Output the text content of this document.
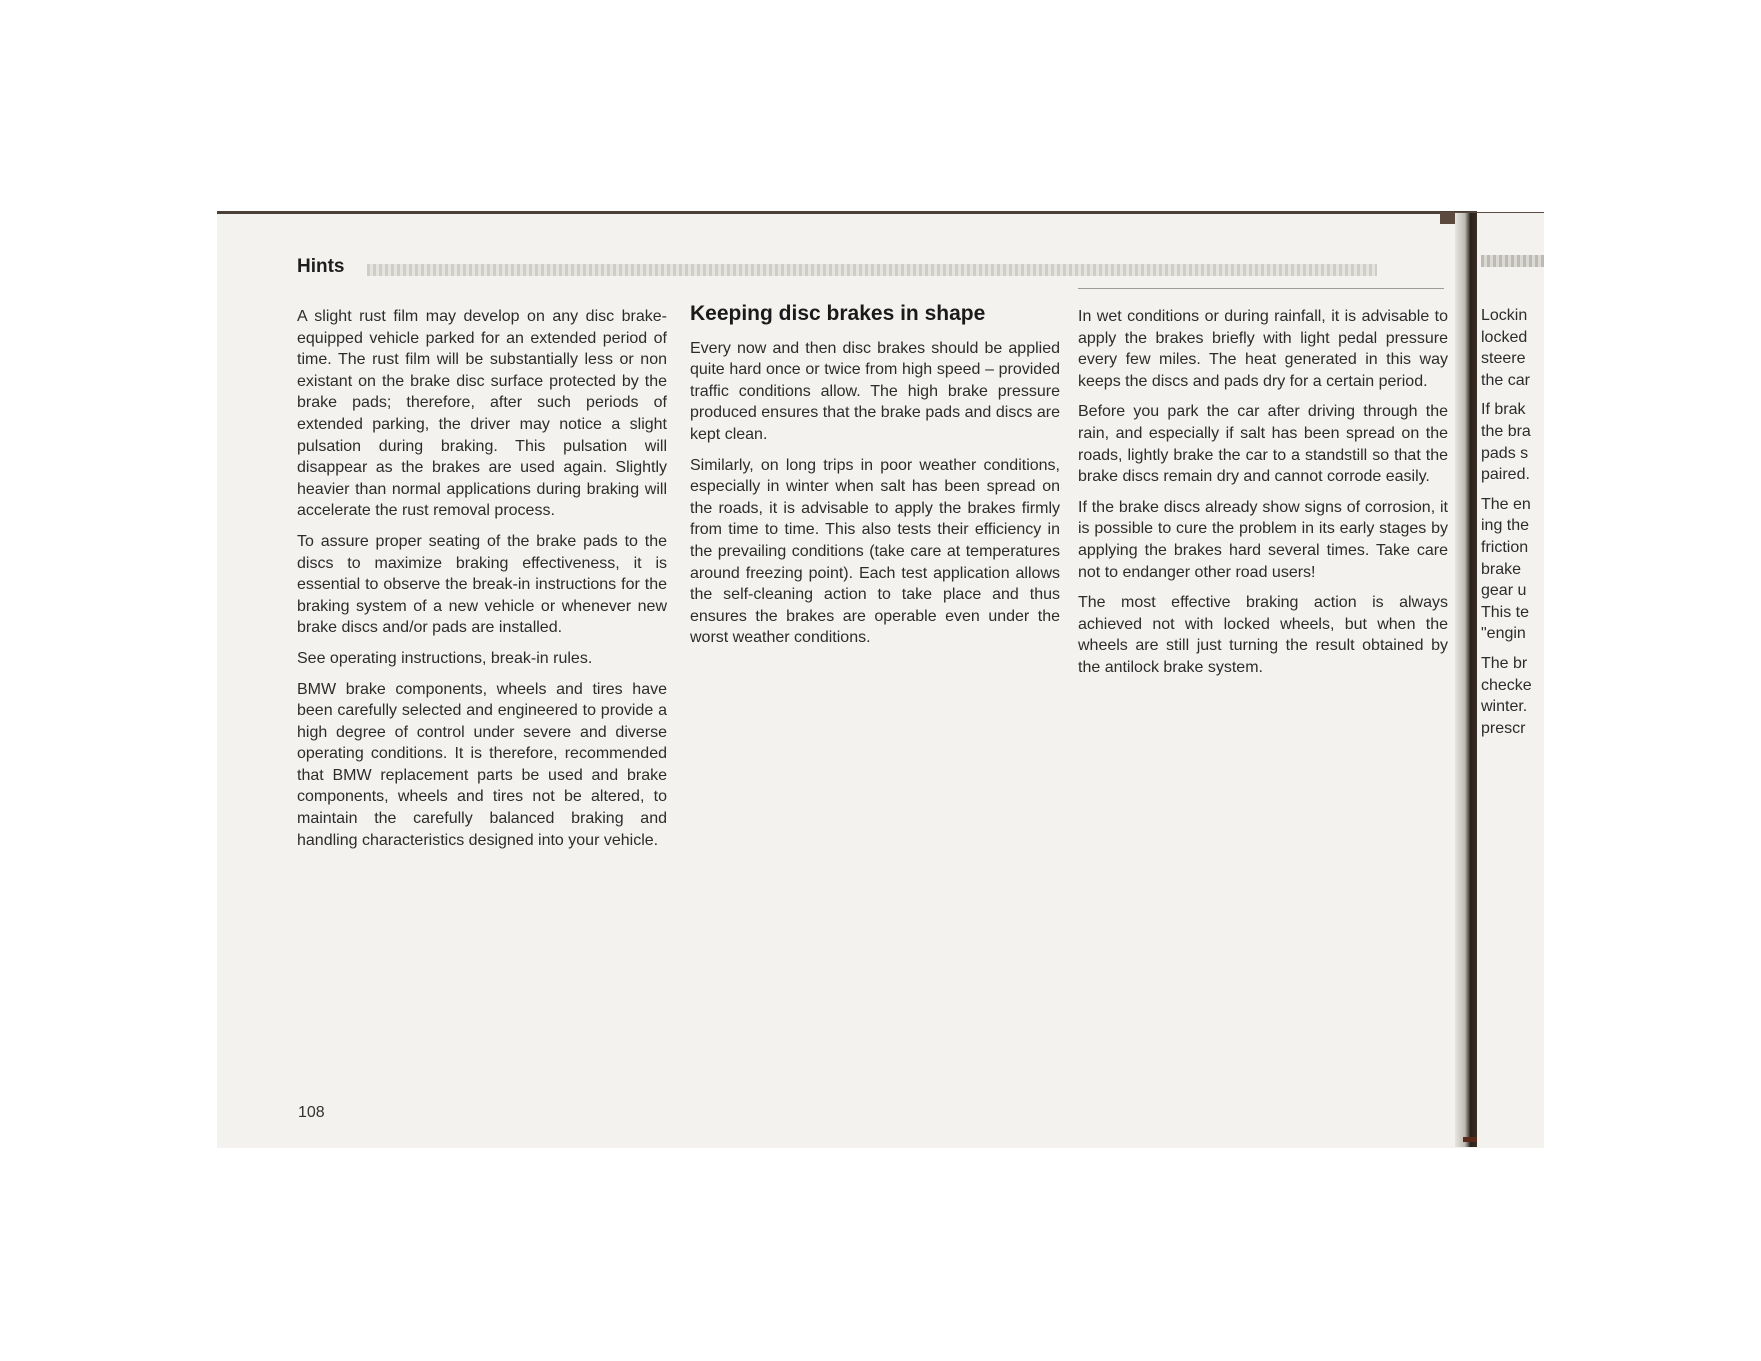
Hints

A slight rust film may develop on any disc brake-equipped vehicle parked for an extended period of time. The rust film will be substantially less or non existant on the brake disc surface protected by the brake pads; therefore, after such periods of extended parking, the driver may notice a slight pulsation during braking. This pulsation will disappear as the brakes are used again. Slightly heavier than normal applications during braking will accelerate the rust removal process.

To assure proper seating of the brake pads to the discs to maximize braking effectiveness, it is essential to observe the break-in instructions for the braking system of a new vehicle or whenever new brake discs and/or pads are installed.

See operating instructions, break-in rules.

BMW brake components, wheels and tires have been carefully selected and engineered to provide a high degree of control under severe and diverse operating conditions. It is therefore, recommended that BMW replacement parts be used and brake components, wheels and tires not be altered, to maintain the carefully balanced braking and handling characteristics designed into your vehicle.

Keeping disc brakes in shape

Every now and then disc brakes should be applied quite hard once or twice from high speed – provided traffic conditions allow. The high brake pressure produced ensures that the brake pads and discs are kept clean.

Similarly, on long trips in poor weather conditions, especially in winter when salt has been spread on the roads, it is advisable to apply the brakes firmly from time to time. This also tests their efficiency in the prevailing conditions (take care at temperatures around freezing point). Each test application allows the self-cleaning action to take place and thus ensures the brakes are operable even under the worst weather conditions.

In wet conditions or during rainfall, it is advisable to apply the brakes briefly with light pedal pressure every few miles. The heat generated in this way keeps the discs and pads dry for a certain period.

Before you park the car after driving through the rain, and especially if salt has been spread on the roads, lightly brake the car to a standstill so that the brake discs remain dry and cannot corrode easily.

If the brake discs already show signs of corrosion, it is possible to cure the problem in its early stages by applying the brakes hard several times. Take care not to endanger other road users!

The most effective braking action is always achieved not with locked wheels, but when the wheels are still just turning the result obtained by the antilock brake system.

108
Lockin
locked
steere
the car
If brak
the bra
pads s
paired.
The en
ing the
friction
brake
gear u
This te
"engin
The br
checke
winter.
prescr
